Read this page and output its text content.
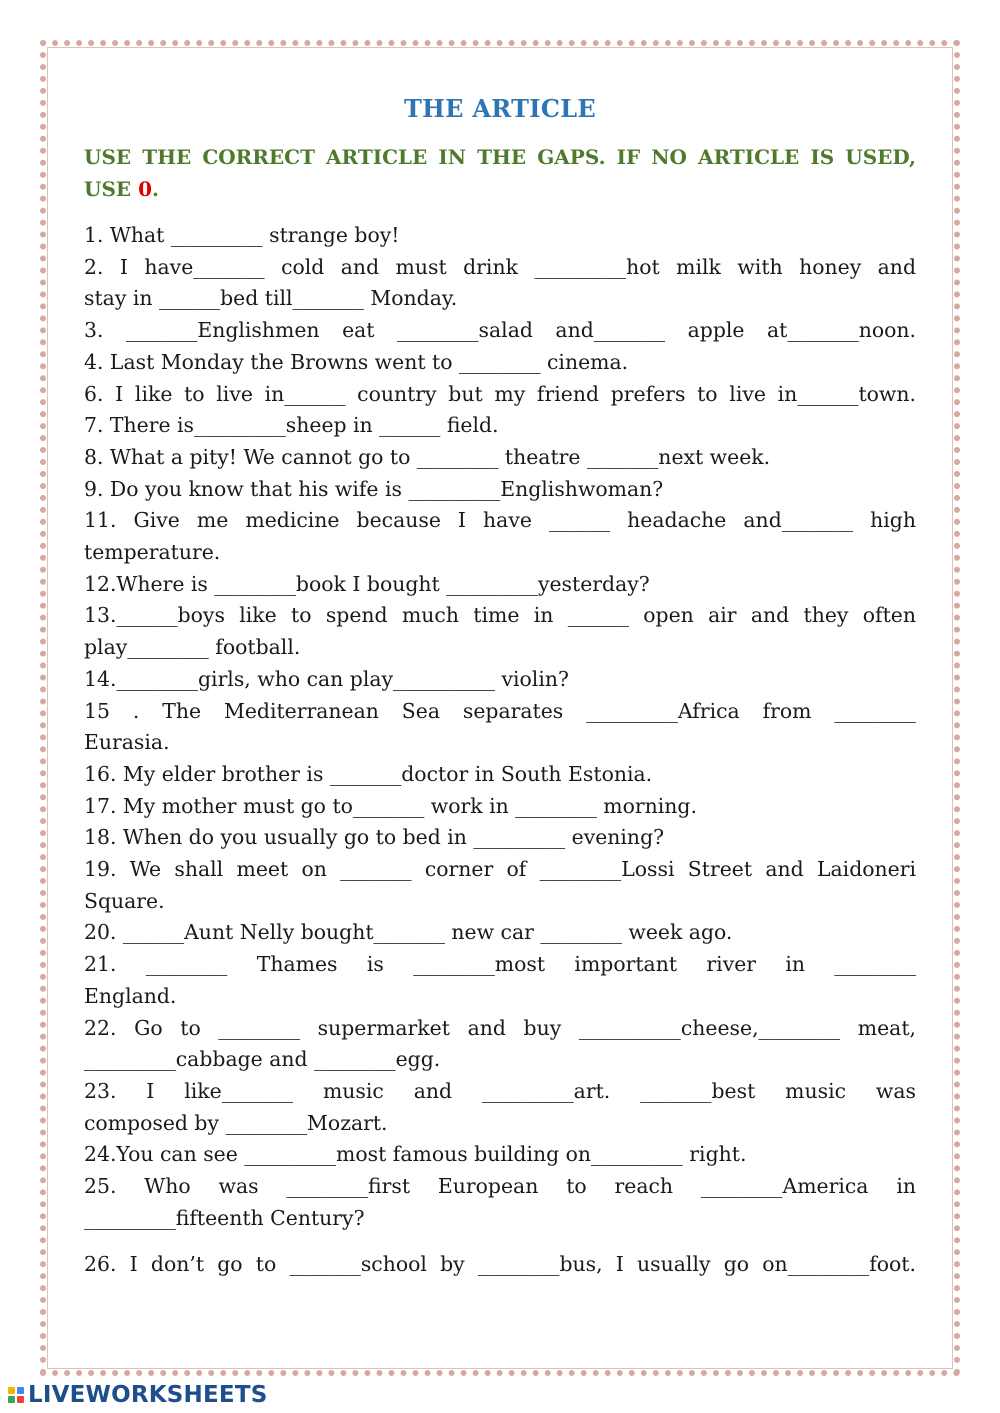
THE ARTICLE
USE THE CORRECT ARTICLE IN THE GAPS. IF NO ARTICLE IS USED, USE 0.
1. What _________ strange boy!
2. I have_______ cold and must drink _________hot milk with honey and
stay in ______bed till_______ Monday.
3. _______Englishmen eat ________salad and_______ apple at_______noon.
4. Last Monday the Browns went to ________ cinema.
6. I like to live in______ country but my friend prefers to live in______town.
7. There is_________sheep in ______ field.
8. What a pity! We cannot go to ________ theatre _______next week.
9. Do you know that his wife is _________Englishwoman?
11. Give me medicine because I have ______ headache and_______ high
temperature.
12.Where is ________book I bought _________yesterday?
13.______boys like to spend much time in ______ open air and they often
play________ football.
14.________girls, who can play__________ violin?
15 . The Mediterranean Sea separates _________Africa from ________
Eurasia.
16. My elder brother is _______doctor in South Estonia.
17. My mother must go to_______ work in ________ morning.
18. When do you usually go to bed in _________ evening?
19. We shall meet on _______ corner of ________Lossi Street and Laidoneri
Square.
20. ______Aunt Nelly bought_______ new car ________ week ago.
21. ________ Thames is ________most important river in ________
England.
22. Go to ________ supermarket and buy __________cheese,________ meat,
_________cabbage and ________egg.
23. I like_______ music and _________art. _______best music was
composed by ________Mozart.
24.You can see _________most famous building on_________ right.
25. Who was ________first European to reach ________America in
_________fifteenth Century?
26. I don’t go to _______school by ________bus, I usually go on________foot.
LIVEWORKSHEETS
